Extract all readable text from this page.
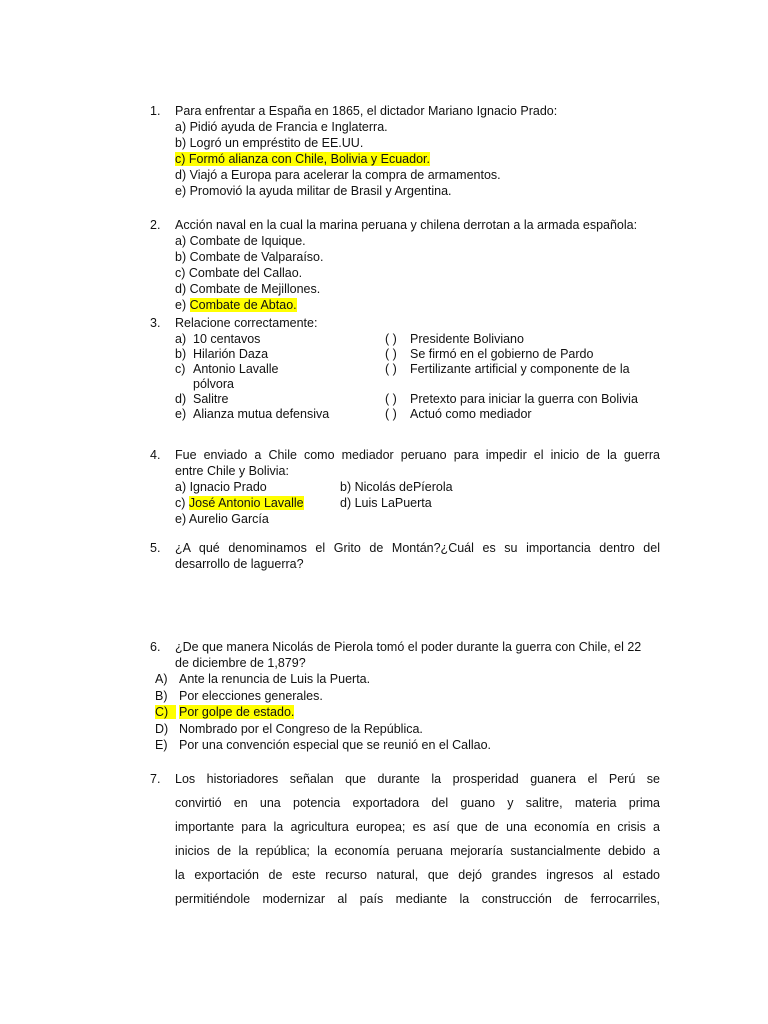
1. Para enfrentar a España en 1865, el dictador Mariano Ignacio Prado:
a) Pidió ayuda de Francia e Inglaterra.
b) Logró un empréstito de EE.UU.
c) Formó alianza con Chile, Bolivia y Ecuador.
d) Viajó a Europa para acelerar la compra de armamentos.
e) Promovió la ayuda militar de Brasil y Argentina.
2. Acción naval en la cual la marina peruana y chilena derrotan a la armada española:
a) Combate de Iquique.
b) Combate de Valparaíso.
c) Combate del Callao.
d) Combate de Mejillones.
e) Combate de Abtao.
3. Relacione correctamente:
a) 10 centavos	( ) Presidente Boliviano
b) Hilarión Daza	( ) Se firmó en el gobierno de Pardo
c) Antonio Lavalle	( ) Fertilizante artificial y componente de la
pólvora
d) Salitre	( ) Pretexto para iniciar la guerra con Bolivia
e) Alianza mutua defensiva	( ) Actuó como mediador
4. Fue enviado a Chile como mediador peruano para impedir el inicio de la guerra
entre Chile y Bolivia:
a) Ignacio Prado	b) Nicolás dePíerola
c) José Antonio Lavalle	d) Luis LaPuerta
e) Aurelio García
5. ¿A qué denominamos el Grito de Montán?¿Cuál es su importancia dentro del
desarrollo de laguerra?
6. ¿De que manera Nicolás de Pierola tomó el poder durante la guerra con Chile, el 22
de diciembre de 1,879?
A) Ante la renuncia de Luis la Puerta.
B) Por elecciones generales.
C) Por golpe de estado.
D) Nombrado por el Congreso de la República.
E) Por una convención especial que se reunió en el Callao.
7. Los historiadores señalan que durante la prosperidad guanera el Perú se
convirtió en una potencia exportadora del guano y salitre, materia prima
importante para la agricultura europea; es así que de una economía en crisis a
inicios de la república; la economía peruana mejoraría sustancialmente debido a
la exportación de este recurso natural, que dejó grandes ingresos al estado
permitiéndole modernizar al país mediante la construcción de ferrocarriles,
